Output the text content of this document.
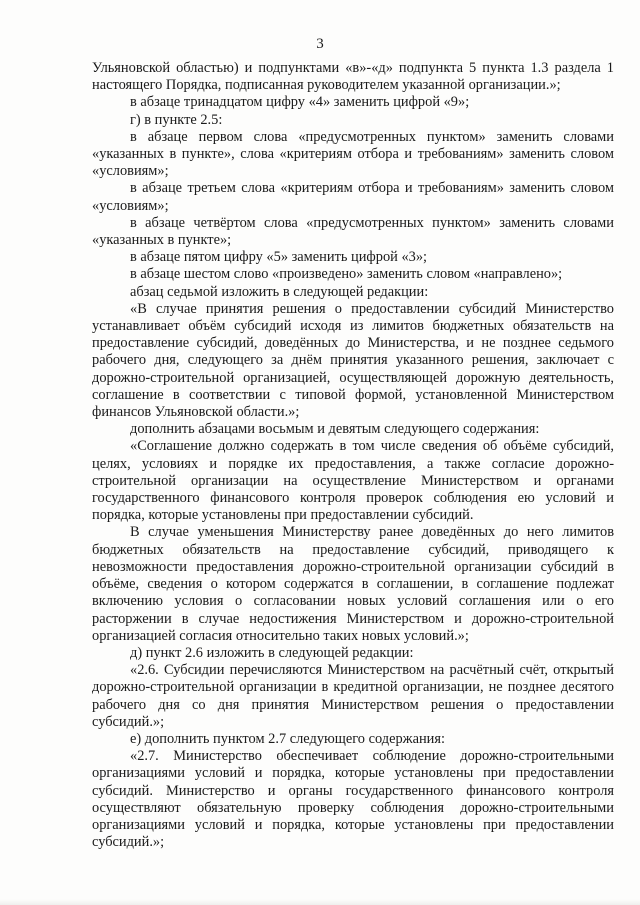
3

Ульяновской областью) и подпунктами «в»-«д» подпункта 5 пункта 1.3 раздела 1 настоящего Порядка, подписанная руководителем указанной организации.»;

в абзаце тринадцатом цифру «4» заменить цифрой «9»;

г) в пункте 2.5:

в абзаце первом слова «предусмотренных пунктом» заменить словами «указанных в пункте», слова «критериям отбора и требованиям» заменить словом «условиям»;

в абзаце третьем слова «критериям отбора и требованиям» заменить словом «условиям»;

в абзаце четвёртом слова «предусмотренных пунктом» заменить словами «указанных в пункте»;

в абзаце пятом цифру «5» заменить цифрой «3»;

в абзаце шестом слово «произведено» заменить словом «направлено»;

абзац седьмой изложить в следующей редакции:

«В случае принятия решения о предоставлении субсидий Министерство устанавливает объём субсидий исходя из лимитов бюджетных обязательств на предоставление субсидий, доведённых до Министерства, и не позднее седьмого рабочего дня, следующего за днём принятия указанного решения, заключает с дорожно-строительной организацией, осуществляющей дорожную деятельность, соглашение в соответствии с типовой формой, установленной Министерством финансов Ульяновской области.»;

дополнить абзацами восьмым и девятым следующего содержания:

«Соглашение должно содержать в том числе сведения об объёме субсидий, целях, условиях и порядке их предоставления, а также согласие дорожно-строительной организации на осуществление Министерством и органами государственного финансового контроля проверок соблюдения ею условий и порядка, которые установлены при предоставлении субсидий.

В случае уменьшения Министерству ранее доведённых до него лимитов бюджетных обязательств на предоставление субсидий, приводящего к невозможности предоставления дорожно-строительной организации субсидий в объёме, сведения о котором содержатся в соглашении, в соглашение подлежат включению условия о согласовании новых условий соглашения или о его расторжении в случае недостижения Министерством и дорожно-строительной организацией согласия относительно таких новых условий.»;

д) пункт 2.6 изложить в следующей редакции:

«2.6. Субсидии перечисляются Министерством на расчётный счёт, открытый дорожно-строительной организации в кредитной организации, не позднее десятого рабочего дня со дня принятия Министерством решения о предоставлении субсидий.»;

е) дополнить пунктом 2.7 следующего содержания:

«2.7. Министерство обеспечивает соблюдение дорожно-строительными организациями условий и порядка, которые установлены при предоставлении субсидий. Министерство и органы государственного финансового контроля осуществляют обязательную проверку соблюдения дорожно-строительными организациями условий и порядка, которые установлены при предоставлении субсидий.»;
